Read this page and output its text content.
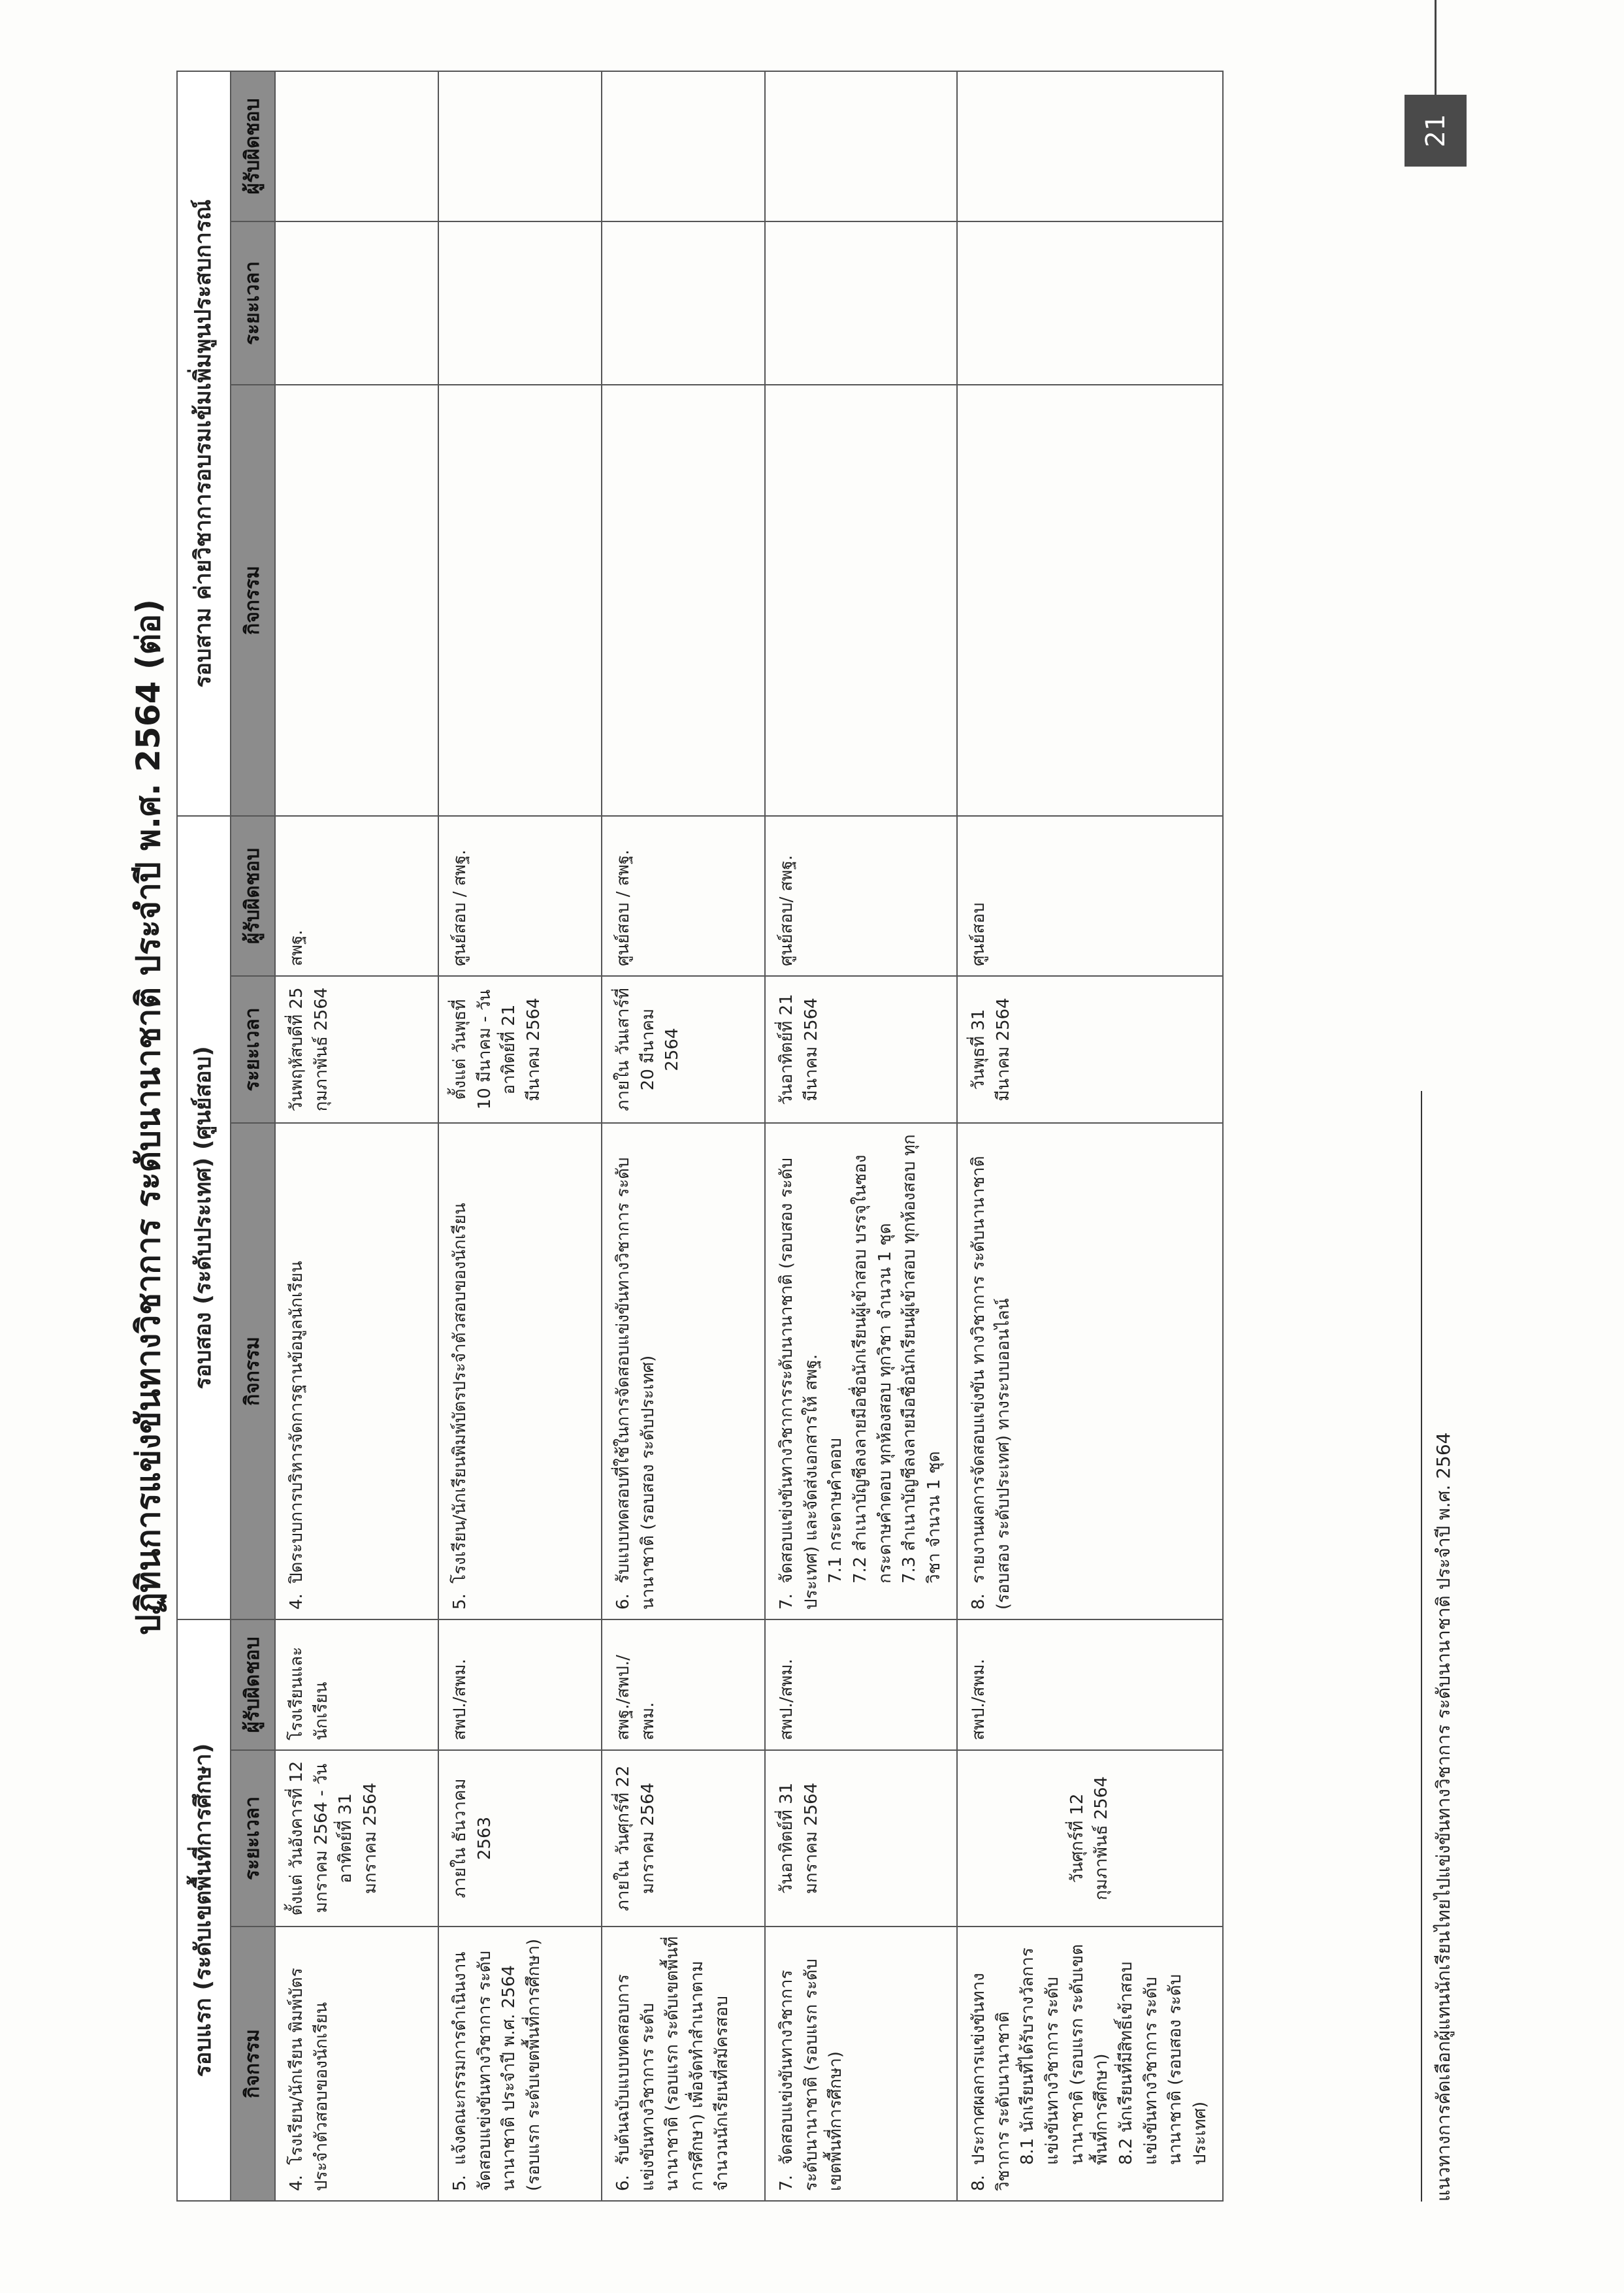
ปฏิทินการแข่งขันทางวิชาการ ระดับนานาชาติ ประจำปี พ.ศ. 2564 (ต่อ)
รอบแรก (ระดับเขตพื้นที่การศึกษา)			รอบสอง (ระดับประเทศ) (ศูนย์สอบ)			รอบสาม ค่ายวิชาการอบรมเข้มเพิ่มพูนประสบการณ์		
กิจกรรม	ระยะเวลา	ผู้รับผิดชอบ	กิจกรรม	ระยะเวลา	ผู้รับผิดชอบ	กิจกรรม	ระยะเวลา	ผู้รับผิดชอบ
4.โรงเรียน/นักเรียน พิมพ์บัตรประจำตัวสอบของนักเรียน	ตั้งแต่ วันอังคารที่ 12 มกราคม 2564 - วันอาทิตย์ที่ 31 มกราคม 2564	โรงเรียนและนักเรียน	4.ปิดระบบการบริหารจัดการฐานข้อมูลนักเรียน	วันพฤหัสบดีที่ 25 กุมภาพันธ์ 2564	สพฐ.			
5.แจ้งคณะกรรมการดำเนินงาน จัดสอบแข่งขันทางวิชาการ ระดับนานาชาติ ประจำปี พ.ศ. 2564 (รอบแรก ระดับเขตพื้นที่การศึกษา)	ภายใน ธันวาคม 2563	สพป./สพม.	5.โรงเรียน/นักเรียนพิมพ์บัตรประจำตัวสอบของนักเรียน	ตั้งแต่ วันพุธที่ 10 มีนาคม - วันอาทิตย์ที่ 21 มีนาคม 2564	ศูนย์สอบ / สพฐ.			
6.รับต้นฉบับแบบทดสอบการแข่งขันทางวิชาการ ระดับนานาชาติ (รอบแรก ระดับเขตพื้นที่การศึกษา) เพื่อจัดทำสำเนาตามจำนวนนักเรียนที่สมัครสอบ	ภายใน วันศุกร์ที่ 22 มกราคม 2564	สพฐ./สพป./สพม.	6.รับแบบทดสอบที่ใช้ในการจัดสอบแข่งขันทางวิชาการ ระดับนานาชาติ (รอบสอง ระดับประเทศ)	ภายใน วันเสาร์ที่ 20 มีนาคม 2564	ศูนย์สอบ / สพฐ.			
7.จัดสอบแข่งขันทางวิชาการ ระดับนานาชาติ (รอบแรก ระดับเขตพื้นที่การศึกษา)	วันอาทิตย์ที่ 31 มกราคม 2564	สพป./สพม.	7.จัดสอบแข่งขันทางวิชาการระดับนานาชาติ (รอบสอง ระดับประเทศ) และจัดส่งเอกสารให้ สพฐ. 7.1 กระดาษคำตอบ 7.2 สำเนาบัญชีลงลายมือชื่อนักเรียนผู้เข้าสอบ บรรจุในซองกระดาษคำตอบ ทุกห้องสอบ ทุกวิชา จำนวน 1 ชุด 7.3 สำเนาบัญชีลงลายมือชื่อนักเรียนผู้เข้าสอบ ทุกห้องสอบ ทุกวิชา จำนวน 1 ชุด	วันอาทิตย์ที่ 21 มีนาคม 2564	ศูนย์สอบ/ สพฐ.			
8.ประกาศผลการแข่งขันทางวิชาการ ระดับนานาชาติ 8.1 นักเรียนที่ได้รับรางวัลการแข่งขันทางวิชาการ ระดับนานาชาติ (รอบแรก ระดับเขตพื้นที่การศึกษา) 8.2 นักเรียนที่มีสิทธิ์เข้าสอบแข่งขันทางวิชาการ ระดับนานาชาติ (รอบสอง ระดับประเทศ)	วันศุกร์ที่ 12 กุมภาพันธ์ 2564	สพป./สพม.	8.รายงานผลการจัดสอบแข่งขัน ทางวิชาการ ระดับนานาชาติ (รอบสอง ระดับประเทศ) ทางระบบออนไลน์	วันพุธที่ 31 มีนาคม 2564	ศูนย์สอบ			
แนวทางการคัดเลือกผู้แทนนักเรียนไทยไปแข่งขันทางวิชาการ ระดับนานาชาติ ประจำปี พ.ศ. 2564
21
